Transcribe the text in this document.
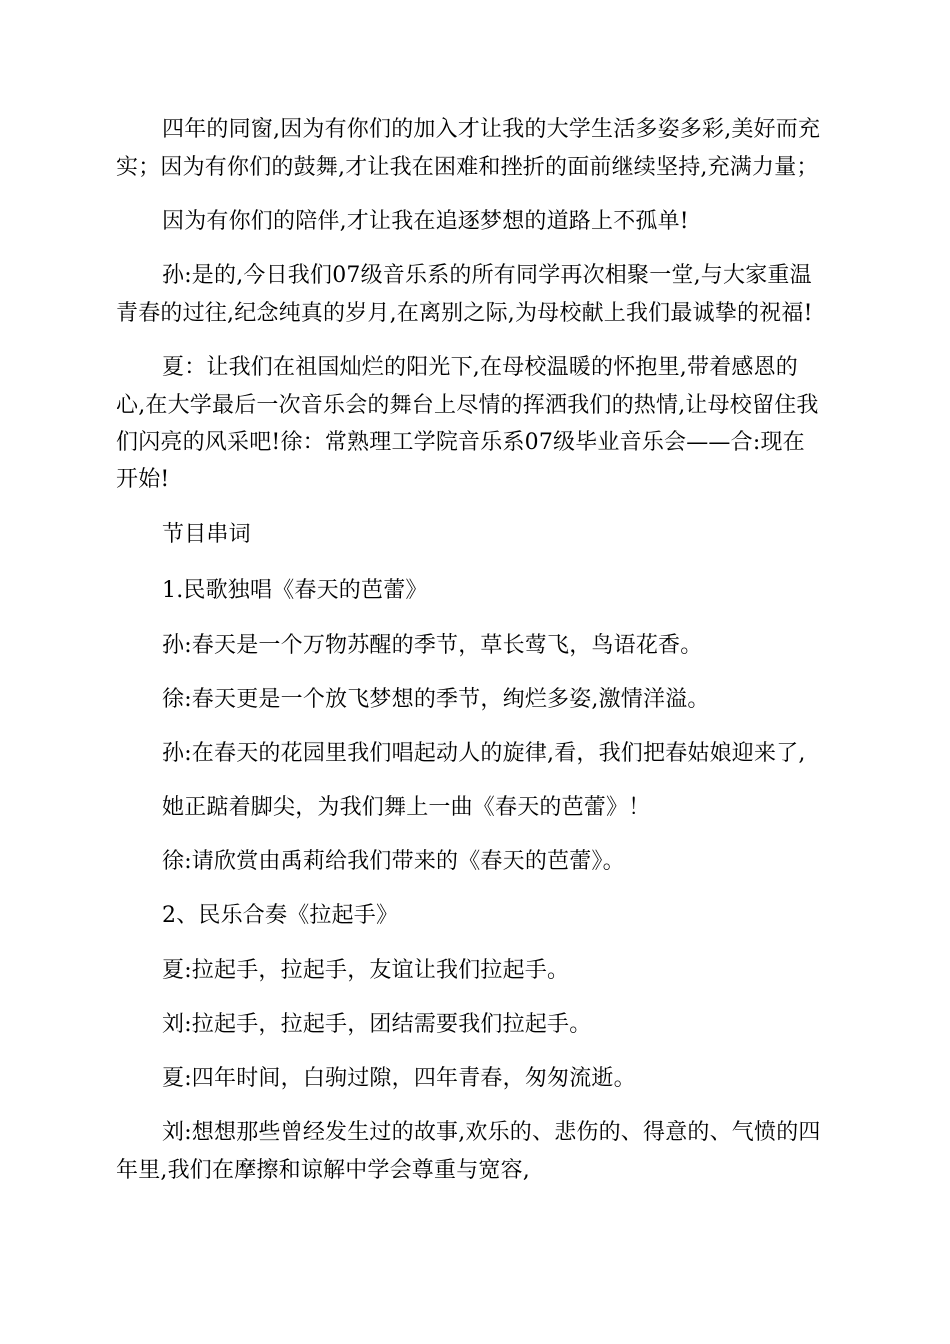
四年的同窗,因为有你们的加入才让我的大学生活多姿多彩,美好而充
实；因为有你们的鼓舞,才让我在困难和挫折的面前继续坚持,充满力量；
因为有你们的陪伴,才让我在追逐梦想的道路上不孤单!
孙:是的,今日我们07级音乐系的所有同学再次相聚一堂,与大家重温
青春的过往,纪念纯真的岁月,在离别之际,为母校献上我们最诚挚的祝福!
夏：让我们在祖国灿烂的阳光下,在母校温暖的怀抱里,带着感恩的
心,在大学最后一次音乐会的舞台上尽情的挥洒我们的热情,让母校留住我
们闪亮的风采吧!徐：常熟理工学院音乐系07级毕业音乐会——合:现在
开始!
节目串词
1.民歌独唱《春天的芭蕾》
孙:春天是一个万物苏醒的季节，草长莺飞，鸟语花香。
徐:春天更是一个放飞梦想的季节，绚烂多姿,激情洋溢。
孙:在春天的花园里我们唱起动人的旋律,看，我们把春姑娘迎来了,
她正踮着脚尖，为我们舞上一曲《春天的芭蕾》！
徐:请欣赏由禹莉给我们带来的《春天的芭蕾》。
2、民乐合奏《拉起手》
夏:拉起手，拉起手，友谊让我们拉起手。
刘:拉起手，拉起手，团结需要我们拉起手。
夏:四年时间，白驹过隙，四年青春，匆匆流逝。
刘:想想那些曾经发生过的故事,欢乐的、悲伤的、得意的、气愤的四
年里,我们在摩擦和谅解中学会尊重与宽容,
